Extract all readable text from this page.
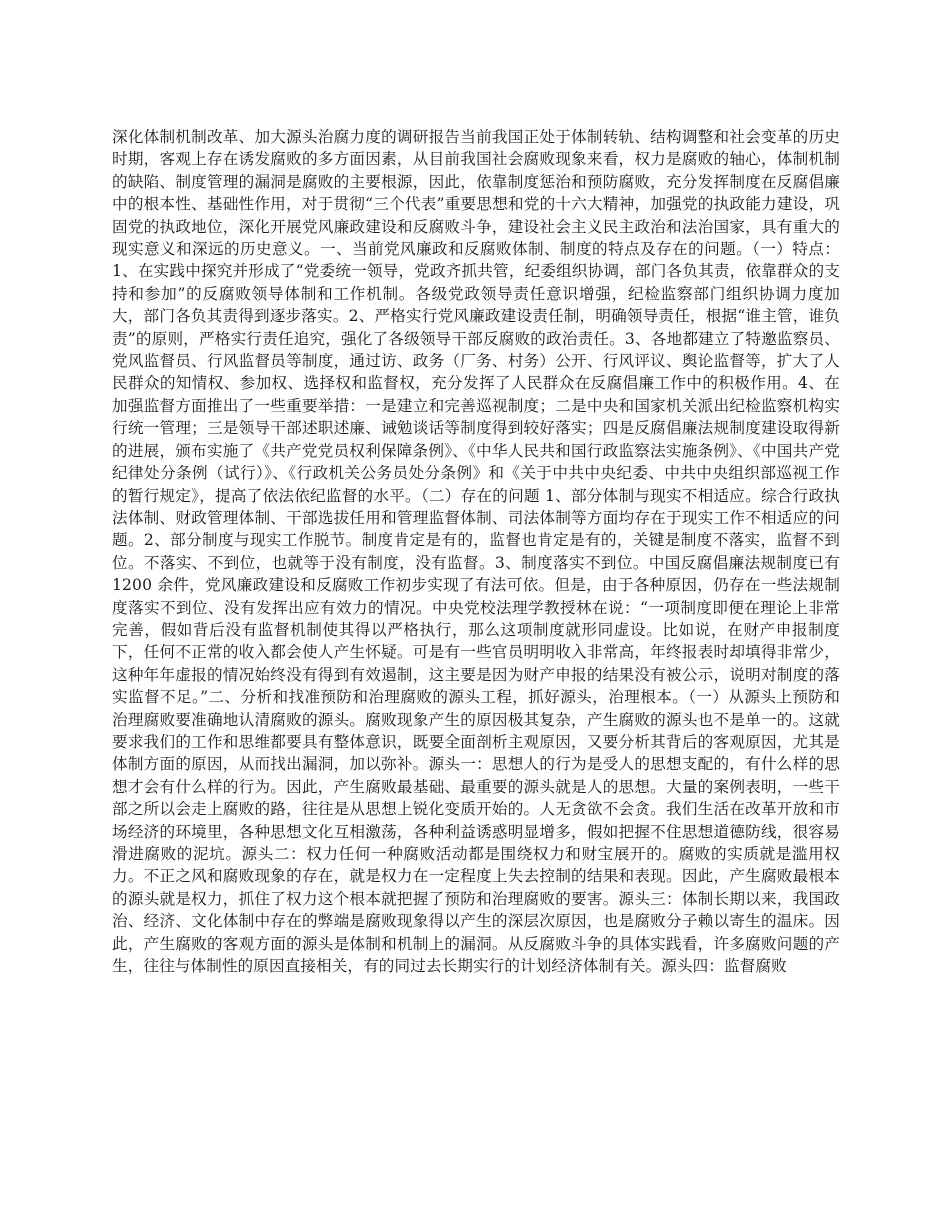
深化体制机制改革、加大源头治腐力度的调研报告当前我国正处于体制转轨、结构调整和社会变革的历史时期，客观上存在诱发腐败的多方面因素，从目前我国社会腐败现象来看，权力是腐败的轴心，体制机制的缺陷、制度管理的漏洞是腐败的主要根源，因此，依靠制度惩治和预防腐败，充分发挥制度在反腐倡廉中的根本性、基础性作用，对于贯彻“三个代表”重要思想和党的十六大精神，加强党的执政能力建设，巩固党的执政地位，深化开展党风廉政建设和反腐败斗争，建设社会主义民主政治和法治国家，具有重大的现实意义和深远的历史意义。一、当前党风廉政和反腐败体制、制度的特点及存在的问题。（一）特点：1、在实践中探究并形成了“党委统一领导，党政齐抓共管，纪委组织协调，部门各负其责，依靠群众的支持和参加”的反腐败领导体制和工作机制。各级党政领导责任意识增强，纪检监察部门组织协调力度加大，部门各负其责得到逐步落实。2、严格实行党风廉政建设责任制，明确领导责任，根据“谁主管，谁负责”的原则，严格实行责任追究，强化了各级领导干部反腐败的政治责任。3、各地都建立了特邀监察员、党风监督员、行风监督员等制度，通过访、政务（厂务、村务）公开、行风评议、舆论监督等，扩大了人民群众的知情权、参加权、选择权和监督权，充分发挥了人民群众在反腐倡廉工作中的积极作用。4、在加强监督方面推出了一些重要举措：一是建立和完善巡视制度；二是中央和国家机关派出纪检监察机构实行统一管理；三是领导干部述职述廉、诫勉谈话等制度得到较好落实；四是反腐倡廉法规制度建设取得新的进展，颁布实施了《共产党党员权利保障条例》、《中华人民共和国行政监察法实施条例》、《中国共产党纪律处分条例（试行）》、《行政机关公务员处分条例》和《关于中共中央纪委、中共中央组织部巡视工作的暂行规定》，提高了依法依纪监督的水平。（二）存在的问题 1、部分体制与现实不相适应。综合行政执法体制、财政管理体制、干部选拔任用和管理监督体制、司法体制等方面均存在于现实工作不相适应的问题。2、部分制度与现实工作脱节。制度肯定是有的，监督也肯定是有的，关键是制度不落实，监督不到位。不落实、不到位，也就等于没有制度，没有监督。3、制度落实不到位。中国反腐倡廉法规制度已有 1200 余件，党风廉政建设和反腐败工作初步实现了有法可依。但是，由于各种原因，仍存在一些法规制度落实不到位、没有发挥出应有效力的情况。中央党校法理学教授林在说：“一项制度即便在理论上非常完善，假如背后没有监督机制使其得以严格执行，那么这项制度就形同虚设。比如说，在财产申报制度下，任何不正常的收入都会使人产生怀疑。可是有一些官员明明收入非常高，年终报表时却填得非常少，这种年年虚报的情况始终没有得到有效遏制，这主要是因为财产申报的结果没有被公示，说明对制度的落实监督不足。”二、分析和找准预防和治理腐败的源头工程，抓好源头，治理根本。（一）从源头上预防和治理腐败要准确地认清腐败的源头。腐败现象产生的原因极其复杂，产生腐败的源头也不是单一的。这就要求我们的工作和思维都要具有整体意识，既要全面剖析主观原因，又要分析其背后的客观原因，尤其是体制方面的原因，从而找出漏洞，加以弥补。源头一：思想人的行为是受人的思想支配的，有什么样的思想才会有什么样的行为。因此，产生腐败最基础、最重要的源头就是人的思想。大量的案例表明，一些干部之所以会走上腐败的路，往往是从思想上锐化变质开始的。人无贪欲不会贪。我们生活在改革开放和市场经济的环境里，各种思想文化互相激荡，各种利益诱惑明显增多，假如把握不住思想道德防线，很容易滑进腐败的泥坑。源头二：权力任何一种腐败活动都是围绕权力和财宝展开的。腐败的实质就是滥用权力。不正之风和腐败现象的存在，就是权力在一定程度上失去控制的结果和表现。因此，产生腐败最根本的源头就是权力，抓住了权力这个根本就把握了预防和治理腐败的要害。源头三：体制长期以来，我国政治、经济、文化体制中存在的弊端是腐败现象得以产生的深层次原因，也是腐败分子赖以寄生的温床。因此，产生腐败的客观方面的源头是体制和机制上的漏洞。从反腐败斗争的具体实践看，许多腐败问题的产生，往往与体制性的原因直接相关，有的同过去长期实行的计划经济体制有关。源头四：监督腐败
